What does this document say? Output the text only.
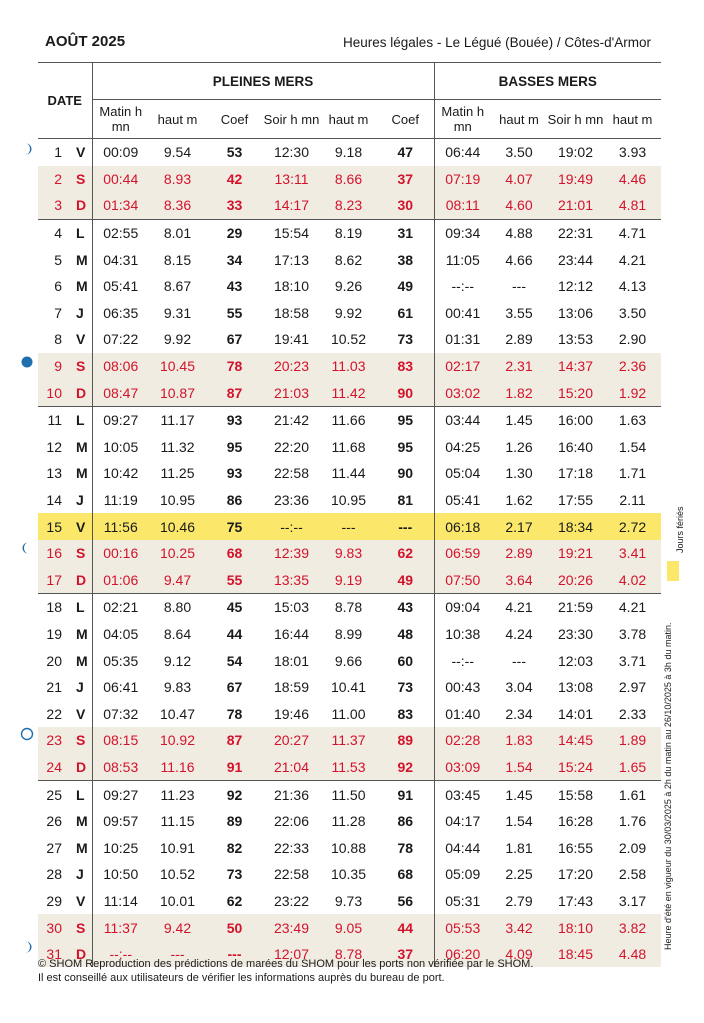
AOÛT 2025	Heures légales - Le Légué (Bouée) / Côtes-d'Armor
DATE		PLEINES MERS						BASSES MERS			
		Matin h mn	haut m	Coef	Soir h mn	haut m	Coef	Matin h mn	haut m	Soir h mn	haut m
1	V	00:09	9.54	53	12:30	9.18	47	06:44	3.50	19:02	3.93
2	S	00:44	8.93	42	13:11	8.66	37	07:19	4.07	19:49	4.46
3	D	01:34	8.36	33	14:17	8.23	30	08:11	4.60	21:01	4.81
4	L	02:55	8.01	29	15:54	8.19	31	09:34	4.88	22:31	4.71
5	M	04:31	8.15	34	17:13	8.62	38	11:05	4.66	23:44	4.21
6	M	05:41	8.67	43	18:10	9.26	49	--:--	---	12:12	4.13
7	J	06:35	9.31	55	18:58	9.92	61	00:41	3.55	13:06	3.50
8	V	07:22	9.92	67	19:41	10.52	73	01:31	2.89	13:53	2.90
9	S	08:06	10.45	78	20:23	11.03	83	02:17	2.31	14:37	2.36
10	D	08:47	10.87	87	21:03	11.42	90	03:02	1.82	15:20	1.92
11	L	09:27	11.17	93	21:42	11.66	95	03:44	1.45	16:00	1.63
12	M	10:05	11.32	95	22:20	11.68	95	04:25	1.26	16:40	1.54
13	M	10:42	11.25	93	22:58	11.44	90	05:04	1.30	17:18	1.71
14	J	11:19	10.95	86	23:36	10.95	81	05:41	1.62	17:55	2.11
15	V	11:56	10.46	75	--:--	---	---	06:18	2.17	18:34	2.72
16	S	00:16	10.25	68	12:39	9.83	62	06:59	2.89	19:21	3.41
17	D	01:06	9.47	55	13:35	9.19	49	07:50	3.64	20:26	4.02
18	L	02:21	8.80	45	15:03	8.78	43	09:04	4.21	21:59	4.21
19	M	04:05	8.64	44	16:44	8.99	48	10:38	4.24	23:30	3.78
20	M	05:35	9.12	54	18:01	9.66	60	--:--	---	12:03	3.71
21	J	06:41	9.83	67	18:59	10.41	73	00:43	3.04	13:08	2.97
22	V	07:32	10.47	78	19:46	11.00	83	01:40	2.34	14:01	2.33
23	S	08:15	10.92	87	20:27	11.37	89	02:28	1.83	14:45	1.89
24	D	08:53	11.16	91	21:04	11.53	92	03:09	1.54	15:24	1.65
25	L	09:27	11.23	92	21:36	11.50	91	03:45	1.45	15:58	1.61
26	M	09:57	11.15	89	22:06	11.28	86	04:17	1.54	16:28	1.76
27	M	10:25	10.91	82	22:33	10.88	78	04:44	1.81	16:55	2.09
28	J	10:50	10.52	73	22:58	10.35	68	05:09	2.25	17:20	2.58
29	V	11:14	10.01	62	23:22	9.73	56	05:31	2.79	17:43	3.17
30	S	11:37	9.42	50	23:49	9.05	44	05:53	3.42	18:10	3.82
31	D	--:--	---	---	12:07	8.78	37	06:20	4.09	18:45	4.48
© SHOM Reproduction des prédictions de marées du SHOM pour les ports non vérifiée par le SHOM.
Il est conseillé aux utilisateurs de vérifier les informations auprès du bureau de port.
Heure d'été en vigueur du 30/03/2025 à 2h du matin au 26/10/2025 à 3h du matin.
Jours fériés
